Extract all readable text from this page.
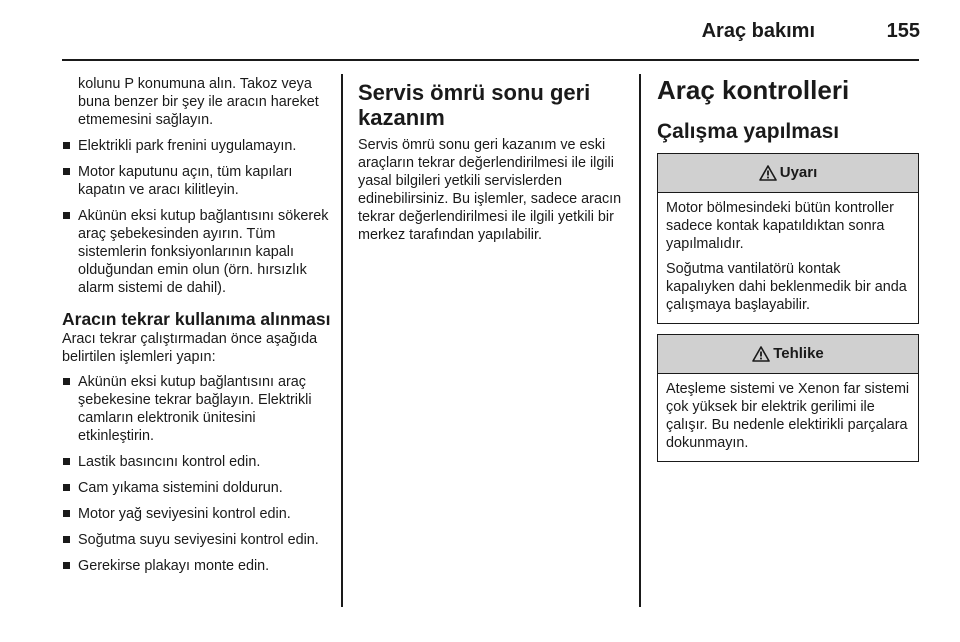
Araç bakımı	155

kolunu P konumuna alın. Takoz veya buna benzer bir şey ile aracın hareket etmemesini sağlayın.

Elektrikli park frenini uygulamayın.
Motor kaputunu açın, tüm kapıları kapatın ve aracı kilitleyin.
Akünün eksi kutup bağlantısını sökerek araç şebekesinden ayırın. Tüm sistemlerin fonksiyonlarının kapalı olduğundan emin olun (örn. hırsızlık alarm sistemi de dahil).
Aracın tekrar kullanıma alınması

Aracı tekrar çalıştırmadan önce aşağıda belirtilen işlemleri yapın:

Akünün eksi kutup bağlantısını araç şebekesine tekrar bağlayın. Elektrikli camların elektronik ünitesini etkinleştirin.
Lastik basıncını kontrol edin.
Cam yıkama sistemini doldurun.
Motor yağ seviyesini kontrol edin.
Soğutma suyu seviyesini kontrol edin.
Gerekirse plakayı monte edin.
Servis ömrü sonu geri kazanım

Servis ömrü sonu geri kazanım ve eski araçların tekrar değerlendirilmesi ile ilgili yasal bilgileri yetkili servislerden edinebilirsiniz. Bu işlemler, sadece aracın tekrar değerlendirilmesi ile ilgili yetkili bir merkez tarafından yapılabilir.

Araç kontrolleri
Çalışma yapılması
Uyarı

Motor bölmesindeki bütün kontroller sadece kontak kapatıldıktan sonra yapılmalıdır.

Soğutma vantilatörü kontak kapalıyken dahi beklenmedik bir anda çalışmaya başlayabilir.

Tehlike

Ateşleme sistemi ve Xenon far sistemi çok yüksek bir elektrik gerilimi ile çalışır. Bu nedenle elektirikli parçalara dokunmayın.
